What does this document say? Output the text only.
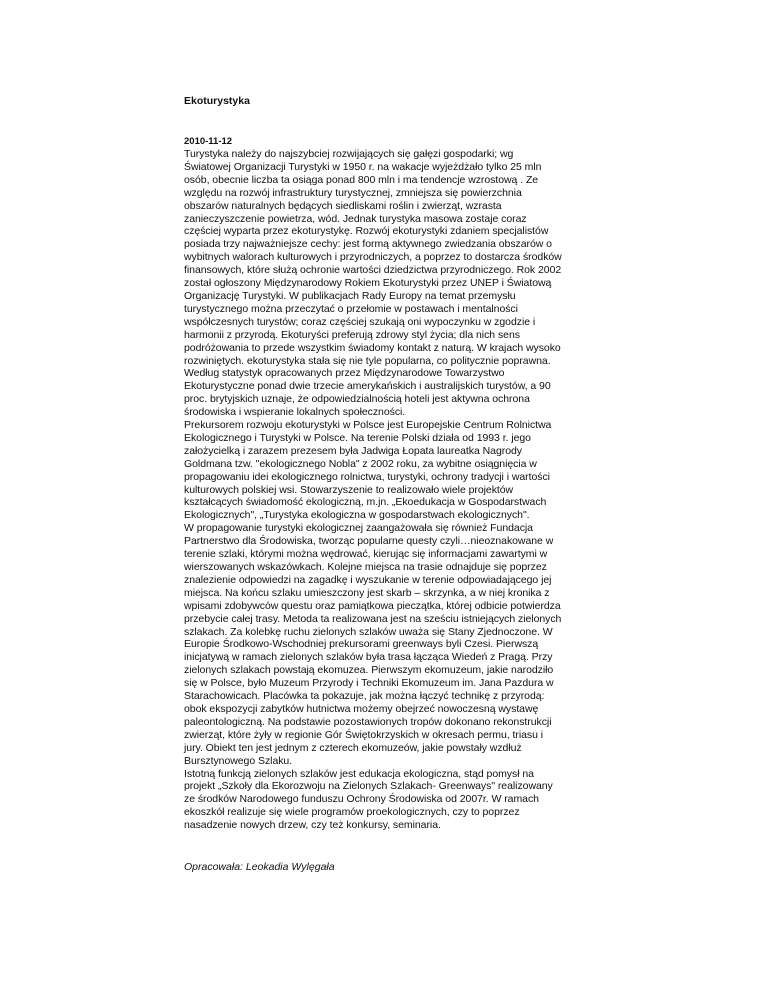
Ekoturystyka
2010-11-12
Turystyka należy do najszybciej rozwijających się gałęzi gospodarki; wg
Światowej Organizacji Turystyki w 1950 r. na wakacje wyjeżdżało tylko 25 mln
osób, obecnie liczba ta osiąga ponad 800 mln i ma tendencje wzrostową . Ze
względu na rozwój infrastruktury turystycznej, zmniejsza się powierzchnia
obszarów naturalnych będących siedliskami roślin i zwierząt, wzrasta
zanieczyszczenie powietrza, wód. Jednak turystyka masowa zostaje coraz
częściej wyparta przez ekoturystykę. Rozwój ekoturystyki zdaniem specjalistów
posiada trzy najważniejsze cechy: jest formą aktywnego zwiedzania obszarów o
wybitnych walorach kulturowych i przyrodniczych, a poprzez to dostarcza środków
finansowych, które służą ochronie wartości dziedzictwa przyrodniczego. Rok 2002
został ogłoszony Międzynarodowy Rokiem Ekoturystyki przez UNEP i Światową
Organizację Turystyki. W publikacjach Rady Europy na temat przemysłu
turystycznego można przeczytać o przełomie w postawach i mentalności
współczesnych turystów; coraz częściej szukają oni wypoczynku w zgodzie i
harmonii z przyrodą. Ekoturyści preferują zdrowy styl życia; dla nich sens
podróżowania to przede wszystkim świadomy kontakt z naturą. W krajach wysoko
rozwiniętych. ekoturystyka stała się nie tyle popularna, co politycznie poprawna.
Według statystyk opracowanych przez Międzynarodowe Towarzystwo
Ekoturystyczne ponad dwie trzecie amerykańskich i australijskich turystów, a 90
proc. brytyjskich uznaje, że odpowiedzialnością hoteli jest aktywna ochrona
środowiska i wspieranie lokalnych społeczności.
Prekursorem rozwoju ekoturystyki w Polsce jest Europejskie Centrum Rolnictwa
Ekologicznego i Turystyki w Polsce. Na terenie Polski działa od 1993 r. jego
założycielką i zarazem prezesem była Jadwiga Łopata laureatka Nagrody
Goldmana tzw. "ekologicznego Nobla" z 2002 roku, za wybitne osiągnięcia w
propagowaniu idei ekologicznego rolnictwa, turystyki, ochrony tradycji i wartości
kulturowych polskiej wsi. Stowarzyszenie to realizowało wiele projektów
kształcących świadomość ekologiczną, m.jn. „Ekoedukacja w Gospodarstwach
Ekologicznych", „Turystyka ekologiczna w gospodarstwach ekologicznych".
W propagowanie turystyki ekologicznej zaangażowała się również Fundacja
Partnerstwo dla Środowiska, tworząc popularne questy czyli…nieoznakowane w
terenie szlaki, którymi można wędrować, kierując się informacjami zawartymi w
wierszowanych wskazówkach. Kolejne miejsca na trasie odnajduje się poprzez
znalezienie odpowiedzi na zagadkę i wyszukanie w terenie odpowiadającego jej
miejsca. Na końcu szlaku umieszczony jest skarb – skrzynka, a w niej kronika z
wpisami zdobywców questu oraz pamiątkowa pieczątka, której odbicie potwierdza
przebycie całej trasy. Metoda ta realizowana jest na sześciu istniejących zielonych
szlakach. Za kolebkę ruchu zielonych szlaków uważa się Stany Zjednoczone. W
Europie Środkowo-Wschodniej prekursorami greenways byli Czesi. Pierwszą
inicjatywą w ramach zielonych szlaków była trasa łącząca Wiedeń z Pragą. Przy
zielonych szlakach powstają ekomuzea. Pierwszym ekomuzeum, jakie narodziło
się w Polsce, było Muzeum Przyrody i Techniki Ekomuzeum im. Jana Pazdura w
Starachowicach. Placówka ta pokazuje, jak można łączyć technikę z przyrodą:
obok ekspozycji zabytków hutnictwa możemy obejrzeć nowoczesną wystawę
paleontologiczną. Na podstawie pozostawionych tropów dokonano rekonstrukcji
zwierząt, które żyły w regionie Gór Świętokrzyskich w okresach permu, triasu i
jury. Obiekt ten jest jednym z czterech ekomuzeów, jakie powstały wzdłuż
Bursztynowego Szlaku.
Istotną funkcją zielonych szlaków jest edukacja ekologiczna, stąd pomysł na
projekt „Szkoły dla Ekorozwoju na Zielonych Szlakach- Greenways" realizowany
ze środków Narodowego funduszu Ochrony Środowiska od 2007r. W ramach
ekoszkół realizuje się wiele programów proekologicznych, czy to poprzez
nasadzenie nowych drzew, czy też konkursy, seminaria.
Opracowała: Leokadia Wylęgała
